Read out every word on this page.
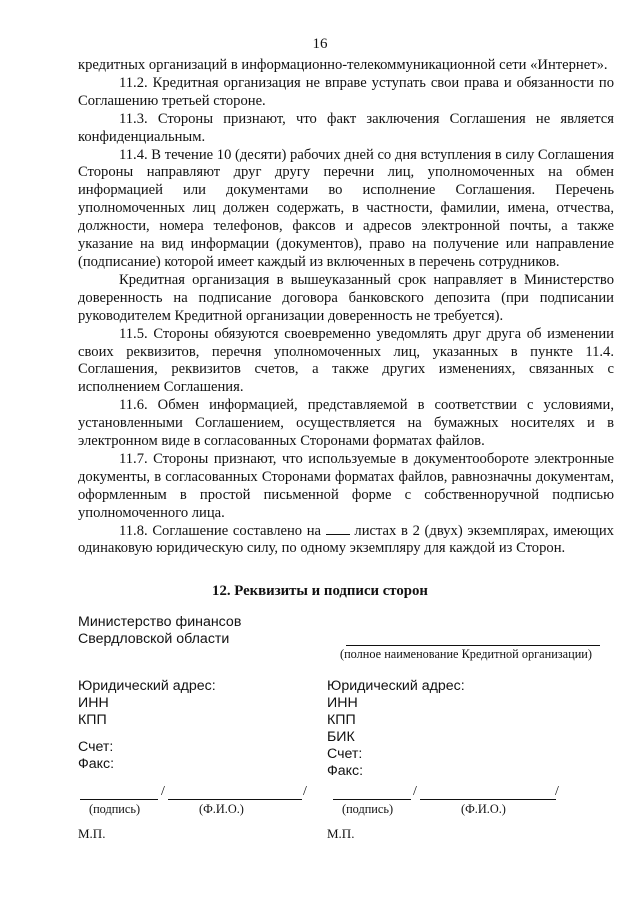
16

кредитных организаций в информационно-телекоммуникационной сети «Интернет».

11.2. Кредитная организация не вправе уступать свои права и обязанности по Соглашению третьей стороне.

11.3. Стороны признают, что факт заключения Соглашения не является конфиденциальным.

11.4. В течение 10 (десяти) рабочих дней со дня вступления в силу Соглашения Стороны направляют друг другу перечни лиц, уполномоченных на обмен информацией или документами во исполнение Соглашения. Перечень уполномоченных лиц должен содержать, в частности, фамилии, имена, отчества, должности, номера телефонов, факсов и адресов электронной почты, а также указание на вид информации (документов), право на получение или направление (подписание) которой имеет каждый из включенных в перечень сотрудников.

Кредитная организация в вышеуказанный срок направляет в Министерство доверенность на подписание договора банковского депозита (при подписании руководителем Кредитной организации доверенность не требуется).

11.5. Стороны обязуются своевременно уведомлять друг друга об изменении своих реквизитов, перечня уполномоченных лиц, указанных в пункте 11.4. Соглашения, реквизитов счетов, а также других изменениях, связанных с исполнением Соглашения.

11.6. Обмен информацией, представляемой в соответствии с условиями, установленными Соглашением, осуществляется на бумажных носителях и в электронном виде в согласованных Сторонами форматах файлов.

11.7. Стороны признают, что используемые в документообороте электронные документы, в согласованных Сторонами форматах файлов, равнозначны документам, оформленным в простой письменной форме с собственноручной подписью уполномоченного лица.

11.8. Соглашение составлено на листах в 2 (двух) экземплярах, имеющих одинаковую юридическую силу, по одному экземпляру для каждой из Сторон.

12. Реквизиты и подписи сторон
Министерство финансов
Свердловской области
Юридический адрес:
ИНН
КПП
Счет:
Факс:
/	/
(подпись)	(Ф.И.О.)
М.П.
(полное наименование Кредитной организации)
Юридический адрес:
ИНН
КПП
БИК
Счет:
Факс:
/	/
(подпись)	(Ф.И.О.)
М.П.
